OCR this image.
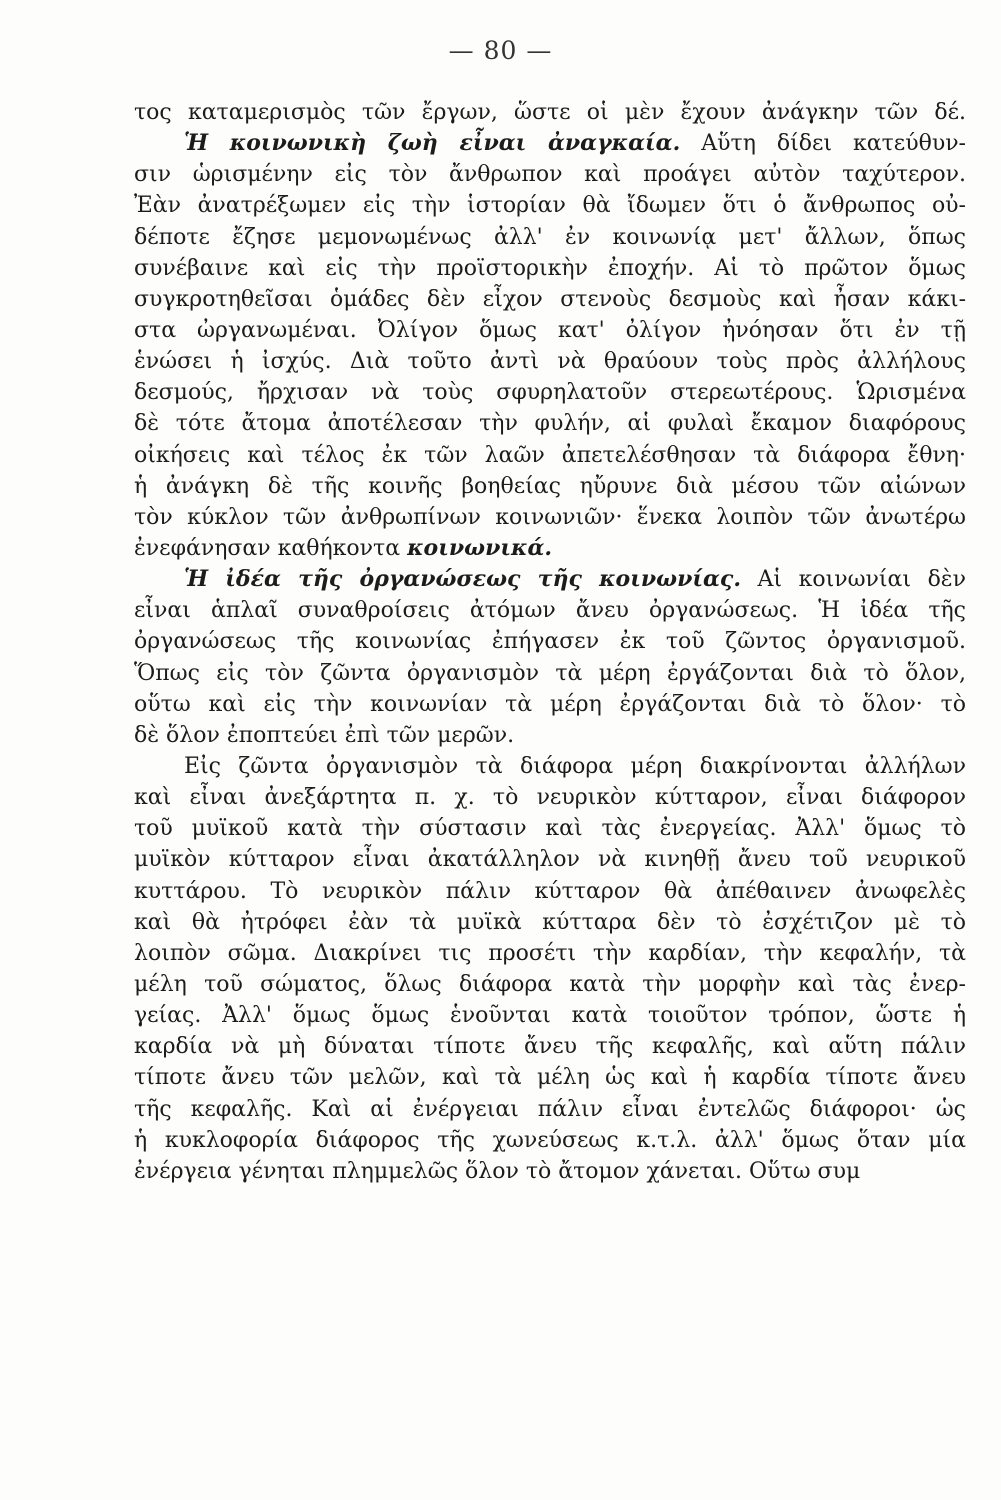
— 80 —
τος καταμερισμὸς τῶν ἔργων, ὥστε οἱ μὲν ἔχουν ἀνάγκην τῶν δέ.
Ἡ κοινωνικὴ ζωὴ εἶναι ἀναγκαία. Αὕτη δίδει κατεύθυν-
σιν ὡρισμένην εἰς τὸν ἄνθρωπον καὶ προάγει αὐτὸν ταχύτερον.
Ἐὰν ἀνατρέξωμεν εἰς τὴν ἱστορίαν θὰ ἴδωμεν ὅτι ὁ ἄνθρωπος οὐ-
δέποτε ἔζησε μεμονωμένως ἀλλ' ἐν κοινωνίᾳ μετ' ἄλλων, ὅπως
συνέβαινε καὶ εἰς τὴν προϊστορικὴν ἐποχήν. Αἱ τὸ πρῶτον ὅμως
συγκροτηθεῖσαι ὁμάδες δὲν εἶχον στενοὺς δεσμοὺς καὶ ἦσαν κάκι-
στα ὠργανωμέναι. Ὀλίγον ὅμως κατ' ὀλίγον ἠνόησαν ὅτι ἐν τῇ
ἑνώσει ἡ ἰσχύς. Διὰ τοῦτο ἀντὶ νὰ θραύουν τοὺς πρὸς ἀλλήλους
δεσμούς, ἤρχισαν νὰ τοὺς σφυρηλατοῦν στερεωτέρους. Ὡρισμένα
δὲ τότε ἄτομα ἀποτέλεσαν τὴν φυλήν, αἱ φυλαὶ ἔκαμον διαφόρους
οἰκήσεις καὶ τέλος ἐκ τῶν λαῶν ἀπετελέσθησαν τὰ διάφορα ἔθνη·
ἡ ἀνάγκη δὲ τῆς κοινῆς βοηθείας ηὔρυνε διὰ μέσου τῶν αἰώνων
τὸν κύκλον τῶν ἀνθρωπίνων κοινωνιῶν· ἕνεκα λοιπὸν τῶν ἀνωτέρω
ἐνεφάνησαν καθήκοντα κοινωνικά.
Ἡ ἰδέα τῆς ὀργανώσεως τῆς κοινωνίας. Αἱ κοινωνίαι δὲν
εἶναι ἁπλαῖ συναθροίσεις ἀτόμων ἄνευ ὀργανώσεως. Ἡ ἰδέα τῆς
ὀργανώσεως τῆς κοινωνίας ἐπήγασεν ἐκ τοῦ ζῶντος ὀργανισμοῦ.
Ὅπως εἰς τὸν ζῶντα ὀργανισμὸν τὰ μέρη ἐργάζονται διὰ τὸ ὅλον,
οὕτω καὶ εἰς τὴν κοινωνίαν τὰ μέρη ἐργάζονται διὰ τὸ ὅλον· τὸ
δὲ ὅλον ἐποπτεύει ἐπὶ τῶν μερῶν.
Εἰς ζῶντα ὀργανισμὸν τὰ διάφορα μέρη διακρίνονται ἀλλήλων
καὶ εἶναι ἀνεξάρτητα π. χ. τὸ νευρικὸν κύτταρον, εἶναι διάφορον
τοῦ μυϊκοῦ κατὰ τὴν σύστασιν καὶ τὰς ἐνεργείας. Ἀλλ' ὅμως τὸ
μυϊκὸν κύτταρον εἶναι ἀκατάλληλον νὰ κινηθῇ ἄνευ τοῦ νευρικοῦ
κυττάρου. Τὸ νευρικὸν πάλιν κύτταρον θὰ ἀπέθαινεν ἀνωφελὲς
καὶ θὰ ἠτρόφει ἐὰν τὰ μυϊκὰ κύτταρα δὲν τὸ ἐσχέτιζον μὲ τὸ
λοιπὸν σῶμα. Διακρίνει τις προσέτι τὴν καρδίαν, τὴν κεφαλήν, τὰ
μέλη τοῦ σώματος, ὅλως διάφορα κατὰ τὴν μορφὴν καὶ τὰς ἐνερ-
γείας. Ἀλλ' ὅμως ὅμως ἑνοῦνται κατὰ τοιοῦτον τρόπον, ὥστε ἡ
καρδία νὰ μὴ δύναται τίποτε ἄνευ τῆς κεφαλῆς, καὶ αὕτη πάλιν
τίποτε ἄνευ τῶν μελῶν, καὶ τὰ μέλη ὡς καὶ ἡ καρδία τίποτε ἄνευ
τῆς κεφαλῆς. Καὶ αἱ ἐνέργειαι πάλιν εἶναι ἐντελῶς διάφοροι· ὡς
ἡ κυκλοφορία διάφορος τῆς χωνεύσεως κ.τ.λ. ἀλλ' ὅμως ὅταν μία
ἐνέργεια γένηται πλημμελῶς ὅλον τὸ ἄτομον χάνεται. Οὕτω συμ
